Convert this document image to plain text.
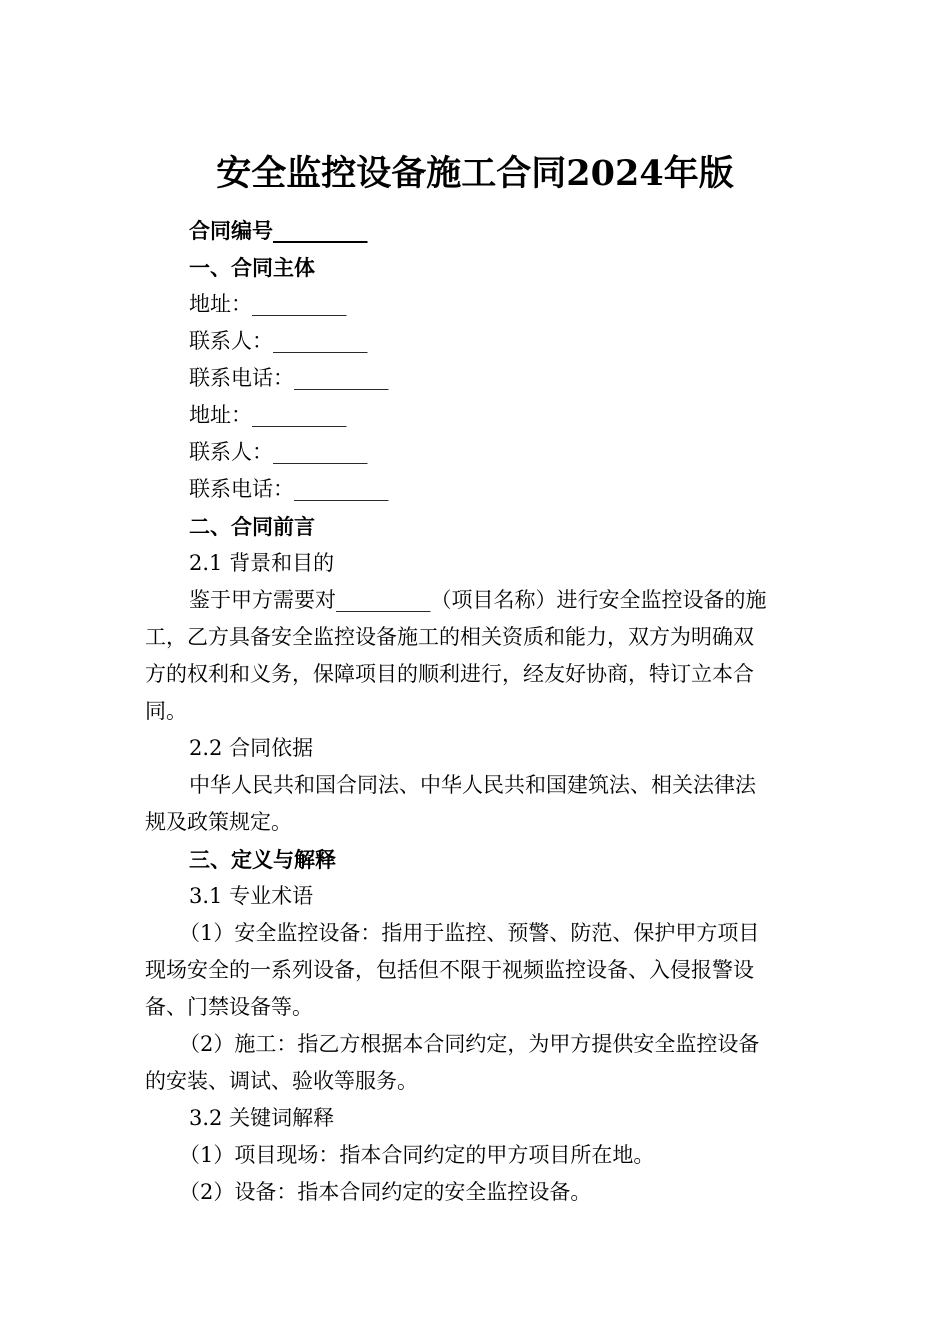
安全监控设备施工合同2024年版

合同编号_________

一、合同主体

地址：_________

联系人：_________

联系电话：_________

地址：_________

联系人：_________

联系电话：_________

二、合同前言

2.1 背景和目的

鉴于甲方需要对_________（项目名称）进行安全监控设备的施
工，乙方具备安全监控设备施工的相关资质和能力，双方为明确双
方的权利和义务，保障项目的顺利进行，经友好协商，特订立本合
同。

2.2 合同依据

中华人民共和国合同法、中华人民共和国建筑法、相关法律法
规及政策规定。

三、定义与解释

3.1 专业术语

（1）安全监控设备：指用于监控、预警、防范、保护甲方项目
现场安全的一系列设备，包括但不限于视频监控设备、入侵报警设
备、门禁设备等。
（2）施工：指乙方根据本合同约定，为甲方提供安全监控设备
的安装、调试、验收等服务。

3.2 关键词解释

（1）项目现场：指本合同约定的甲方项目所在地。

（2）设备：指本合同约定的安全监控设备。
